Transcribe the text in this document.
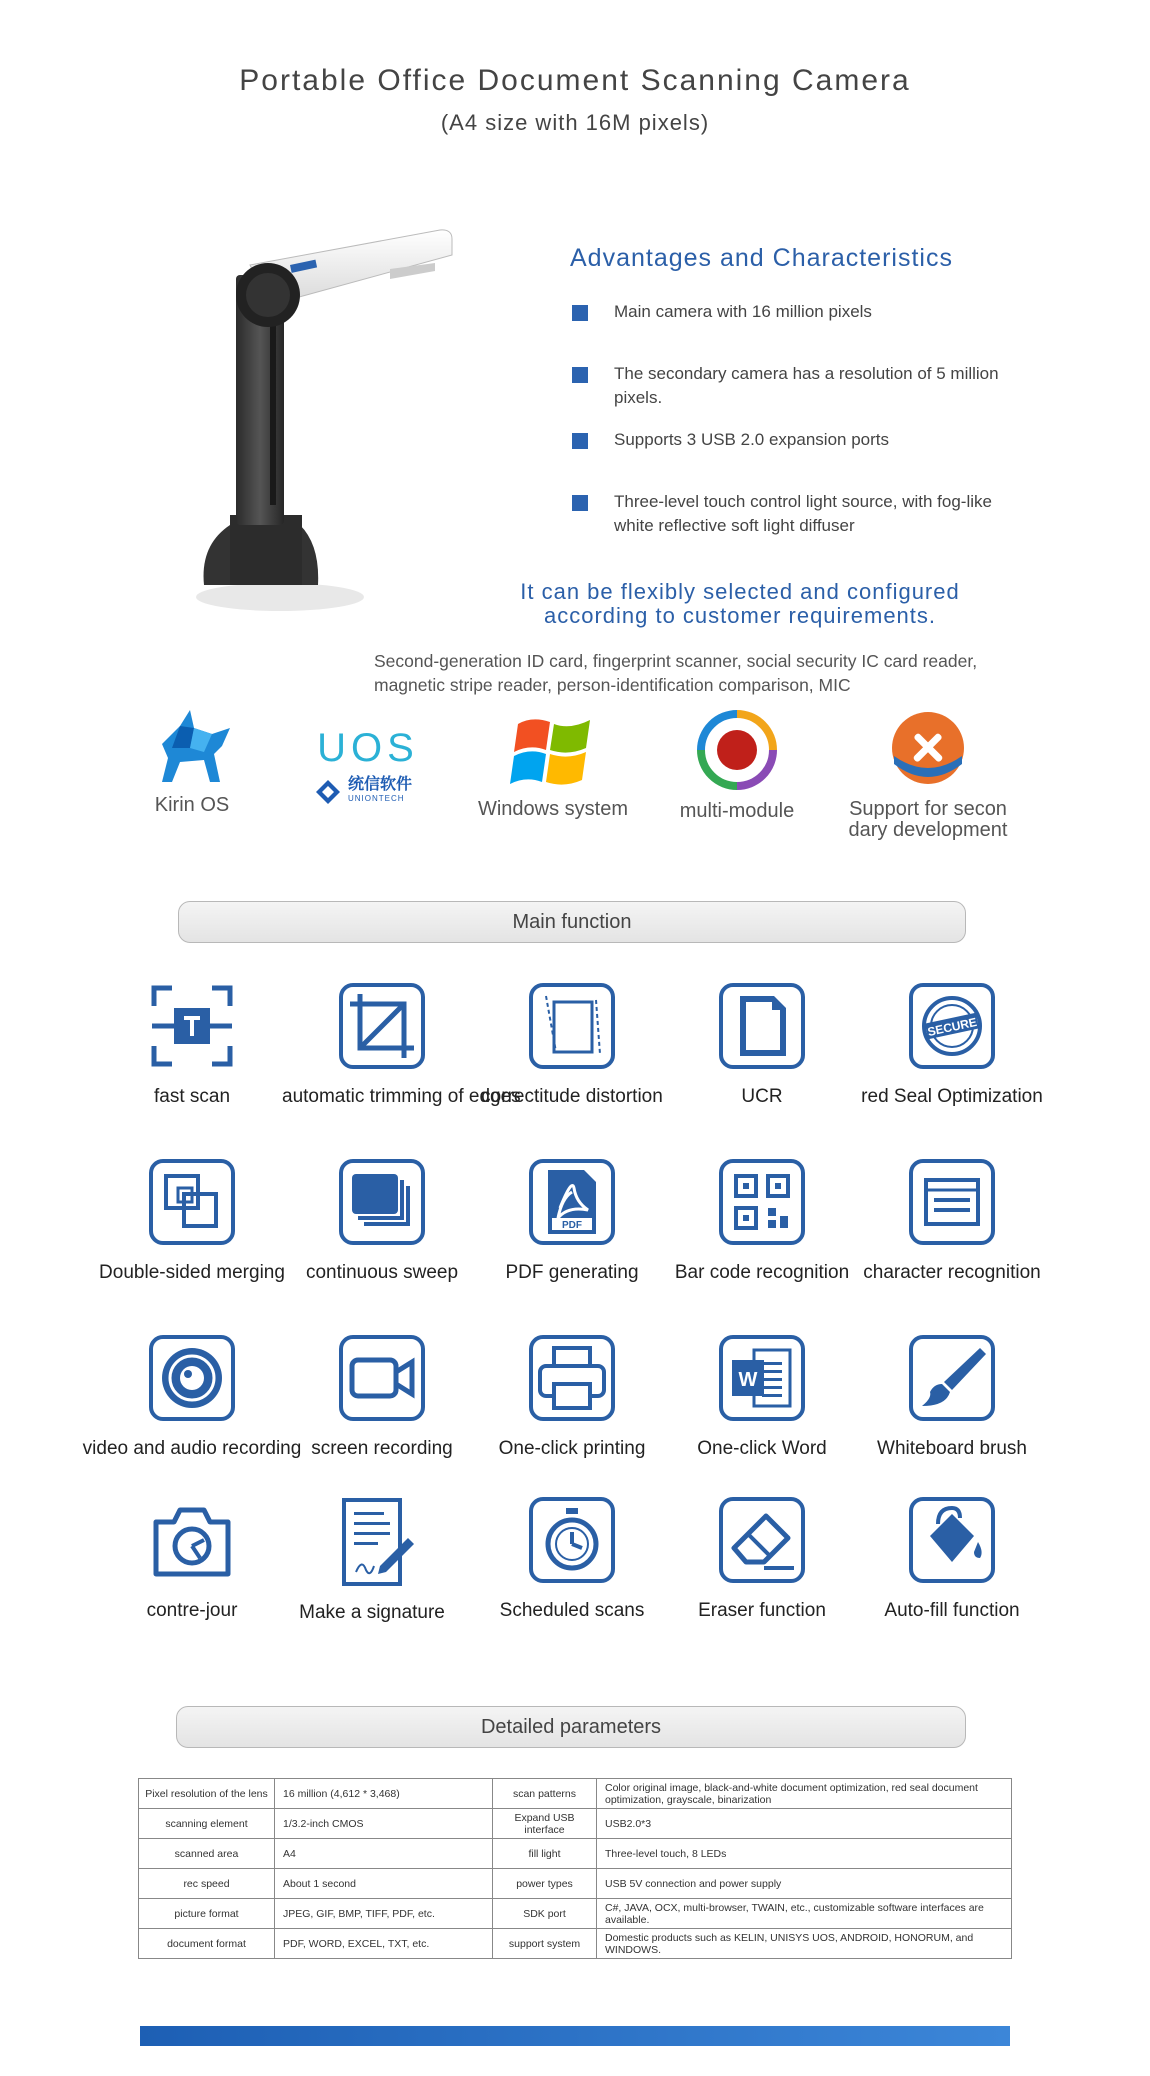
Portable Office Document Scanning Camera
(A4 size with 16M pixels)
Advantages and Characteristics
Main camera with 16 million pixels
The secondary camera has a resolution of 5 million pixels.
Supports 3 USB 2.0 expansion ports
Three-level touch control light source, with fog-like white reflective soft light diffuser
It can be flexibly selected and configured
according to customer requirements.
Second-generation ID card, fingerprint scanner, social security IC card reader, magnetic stripe reader, person-identification comparison, MIC
Kirin OS
UOS
统信软件
UNIONTECH	Windows system	multi-module	Support for secon
dary development
Main function
fast scan	automatic trimming of edges
correctitude distortion	UCR
SECURE
red Seal Optimization
Double-sided merging	continuous sweep
PDF
PDF generating	Bar code recognition character recognition
video and audio recording screen recording	One-click printing
W
One-click Word	Whiteboard brush
contre-jour	Make a signature	Scheduled scans	Eraser function	Auto-fill function
Detailed parameters
Pixel resolution of the lens	16 million (4,612 * 3,468)	scan patterns	Color original image, black-and-white document optimization, red seal document optimization, grayscale, binarization
scanning element	1/3.2-inch CMOS	Expand USB interface	USB2.0*3
scanned area	A4	fill light	Three-level touch, 8 LEDs
rec speed	About 1 second	power types	USB 5V connection and power supply
picture format	JPEG, GIF, BMP, TIFF, PDF, etc.	SDK port	C#, JAVA, OCX, multi-browser, TWAIN, etc., customizable software interfaces are available.
document format	PDF, WORD, EXCEL, TXT, etc.	support system	Domestic products such as KELIN, UNISYS UOS, ANDROID, HONORUM, and WINDOWS.
